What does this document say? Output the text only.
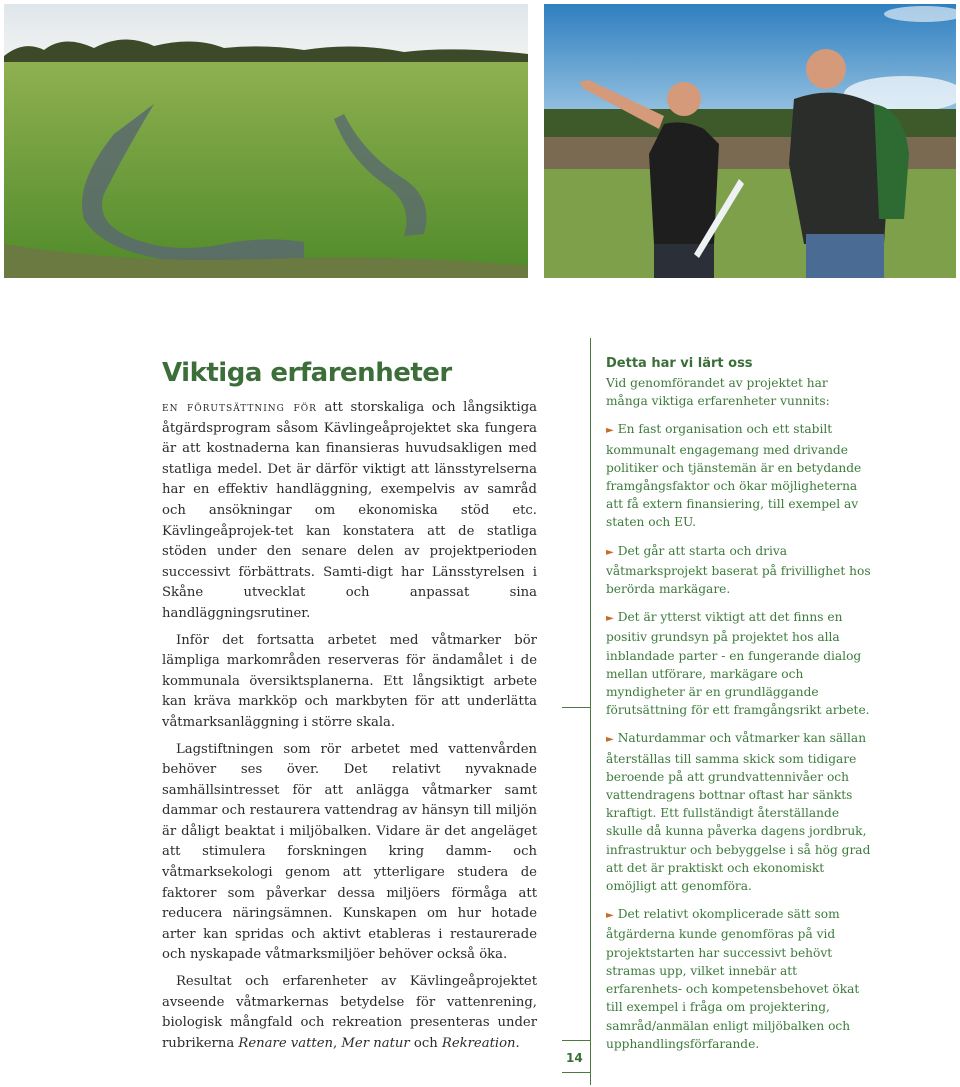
Viktiga erfarenheter

en förutsättning för att storskaliga och långsiktiga åtgärdsprogram såsom Kävlingeåprojektet ska fungera är att kostnaderna kan finansieras huvudsakligen med statliga medel. Det är därför viktigt att länsstyrelserna har en effektiv handläggning, exempelvis av samråd och ansökningar om ekonomiska stöd etc. Kävlingeåprojek-tet kan konstatera att de statliga stöden under den senare delen av projektperioden successivt förbättrats. Samti-digt har Länsstyrelsen i Skåne utvecklat och anpassat sina handläggningsrutiner.

Inför det fortsatta arbetet med våtmarker bör lämpliga markområden reserveras för ändamålet i de kommunala översiktsplanerna. Ett långsiktigt arbete kan kräva markköp och markbyten för att underlätta våtmarksanläggning i större skala.

Lagstiftningen som rör arbetet med vattenvården behöver ses över. Det relativt nyvaknade samhällsintresset för att anlägga våtmarker samt dammar och restaurera vattendrag av hänsyn till miljön är dåligt beaktat i miljöbalken. Vidare är det angeläget att stimulera forskningen kring damm- och våtmarksekologi genom att ytterligare studera de faktorer som påverkar dessa miljöers förmåga att reducera näringsämnen. Kunskapen om hur hotade arter kan spridas och aktivt etableras i restaurerade och nyskapade våtmarksmiljöer behöver också öka.

Resultat och erfarenheter av Kävlingeåprojektet avseende våtmarkernas betydelse för vattenrening, biologisk mångfald och rekreation presenteras under rubrikerna Renare vatten, Mer natur och Rekreation.

Detta har vi lärt oss

Vid genomförandet av projektet har många viktiga erfarenheter vunnits:

► En fast organisation och ett stabilt kommunalt engagemang med drivande politiker och tjänstemän är en betydande framgångsfaktor och ökar möjligheterna att få extern finansiering, till exempel av staten och EU.

► Det går att starta och driva våtmarksprojekt baserat på frivillighet hos berörda markägare.

► Det är ytterst viktigt att det finns en positiv grundsyn på projektet hos alla inblandade parter - en fungerande dialog mellan utförare, markägare och myndigheter är en grundläggande förutsättning för ett framgångsrikt arbete.

► Naturdammar och våtmarker kan sällan återställas till samma skick som tidigare beroende på att grundvattennivåer och vattendragens bottnar oftast har sänkts kraftigt. Ett fullständigt återställande skulle då kunna påverka dagens jordbruk, infrastruktur och bebyggelse i så hög grad att det är praktiskt och ekonomiskt omöjligt att genomföra.

► Det relativt okomplicerade sätt som åtgärderna kunde genomföras på vid projektstarten har successivt behövt stramas upp, vilket innebär att erfarenhets- och kompetensbehovet ökat till exempel i fråga om projektering, samråd/anmälan enligt miljöbalken och upphandlingsförfarande.

14
